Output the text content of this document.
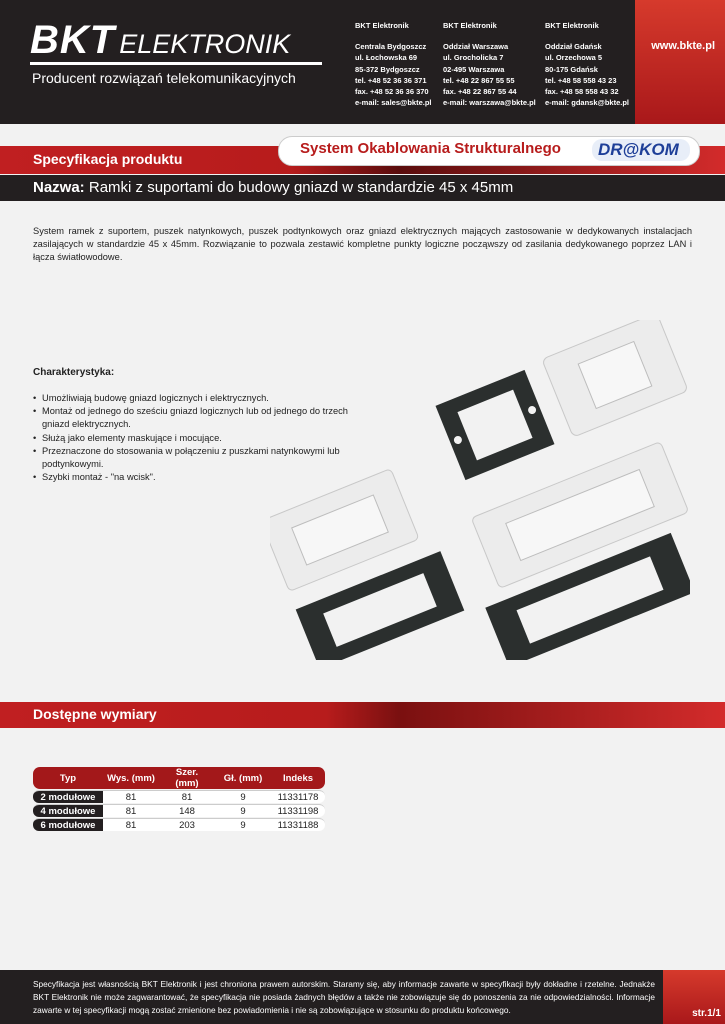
BKT ELEKTRONIK
Producent rozwiązań telekomunikacyjnych
BKT Elektronik
Centrala Bydgoszcz
ul. Łochowska 69
85-372 Bydgoszcz
tel. +48 52 36 36 371
fax. +48 52 36 36 370
e-mail: sales@bkte.pl
BKT Elektronik
Oddział Warszawa
ul. Grocholicka 7
02-495 Warszawa
tel. +48 22 867 55 55
fax. +48 22 867 55 44
e-mail: warszawa@bkte.pl
BKT Elektronik
Oddział Gdańsk
ul. Orzechowa 5
80-175 Gdańsk
tel. +48 58 558 43 23
fax. +48 58 558 43 32
e-mail: gdansk@bkte.pl
www.bkte.pl
Specyfikacja produktu
System Okablowania Strukturalnego DR@KOM
Nazwa: Ramki z suportami do budowy gniazd w standardzie 45 x 45mm
System ramek z suportem, puszek natynkowych, puszek podtynkowych oraz gniazd elektrycznych mających zastosowanie w dedykowanych instalacjach zasilających w standardzie 45 x 45mm. Rozwiązanie to pozwala zestawić kompletne punkty logiczne począwszy od zasilania dedykowanego poprzez LAN i łącza światłowodowe.
Charakterystyka:
• Umożliwiają budowę gniazd logicznych i elektrycznych.
• Montaż od jednego do sześciu gniazd logicznych lub od jednego do trzech gniazd elektrycznych.
• Służą jako elementy maskujące i mocujące.
• Przeznaczone do stosowania w połączeniu z puszkami natynkowymi lub podtynkowymi.
• Szybki montaż - "na wcisk".
Dostępne wymiary
Typ	Wys. (mm)	Szer. (mm)	Gł. (mm)	Indeks
2 modułowe	81	81	9	11331178
4 modułowe	81	148	9	11331198
6 modułowe	81	203	9	11331188
Specyfikacja jest własnością BKT Elektronik i jest chroniona prawem autorskim. Staramy się, aby informacje zawarte w specyfikacji były dokładne i rzetelne. Jednakże BKT Elektronik nie może zagwarantować, że specyfikacja nie posiada żadnych błędów a także nie zobowiązuje się do ponoszenia za nie odpowiedzialności. Informacje zawarte w tej specyfikacji mogą zostać zmienione bez powiadomienia i nie są zobowiązujące w stosunku do produktu końcowego.	str.1/1
